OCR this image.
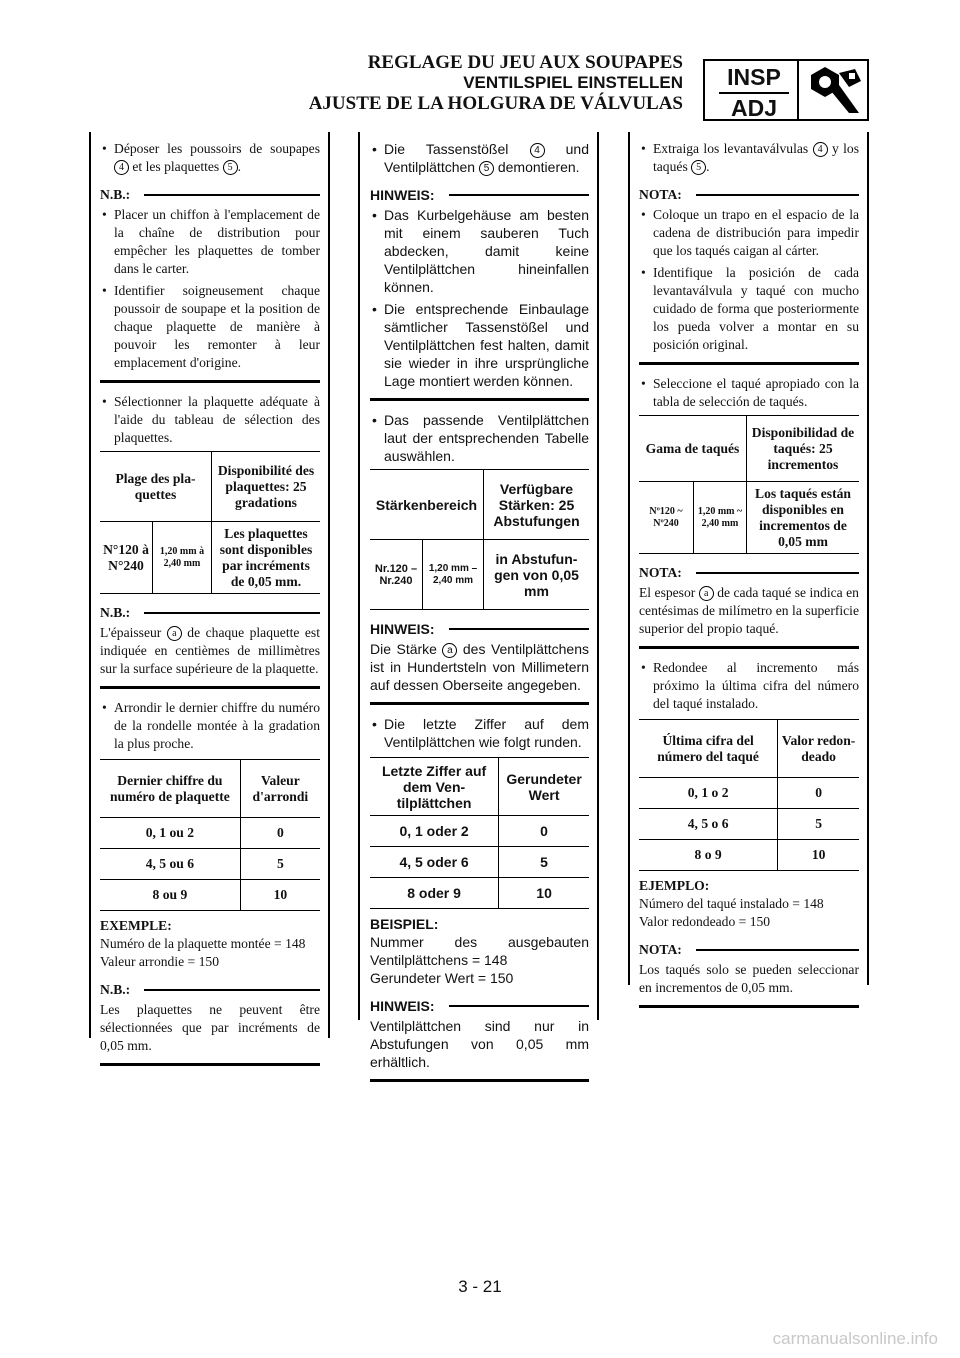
REGLAGE DU JEU AUX SOUPAPES
VENTILSPIEL EINSTELLEN
AJUSTE DE LA HOLGURA DE VÁLVULAS
INSP
ADJ
• Déposer les poussoirs de soupapes 4 et les plaquettes 5 .
N.B.:
• Placer un chiffon à l'emplacement de la chaîne de distribution pour empêcher les plaquettes de tomber dans le carter.
• Identifier soigneusement chaque poussoir de soupape et la position de chaque plaquette de manière à pouvoir les remonter à leur emplacement d'origine.
• Sélectionner la plaquette adéquate à l'aide du tableau de sélection des plaquettes.
Plage des plaquettes		Disponibilité des plaquettes: 25 gradations
N°120 à N°240	1,20 mm à 2,40 mm	Les plaquettes sont disponibles par incréments de 0,05 mm.
N.B.:
L'épaisseur a de chaque plaquette est indiquée en centièmes de millimètres sur la surface supérieure de la plaquette.
• Arrondir le dernier chiffre du numéro de la rondelle montée à la gradation la plus proche.
Dernier chiffre du numéro de plaquette	Valeur d'arrondi
0, 1 ou 2	0
4, 5 ou 6	5
8 ou 9	10
EXEMPLE:
Numéro de la plaquette montée = 148
Valeur arrondie = 150
N.B.:
Les plaquettes ne peuvent être sélectionnées que par incréments de 0,05 mm.
• Die Tassenstößel 4 und Ventilplättchen 5 demontieren.
HINWEIS:
• Das Kurbelgehäuse am besten mit einem sauberen Tuch abdecken, damit keine Ventilplättchen hineinfallen können.
• Die entsprechende Einbaulage sämtlicher Tassenstößel und Ventilplättchen fest halten, damit sie wieder in ihre ursprüngliche Lage montiert werden können.
• Das passende Ventilplättchen laut der entsprechenden Tabelle auswählen.
Stärkenbereich		Verfügbare Stärken: 25 Abstufungen
Nr.120 – Nr.240	1,20 mm – 2,40 mm	in Abstufungen von 0,05 mm
HINWEIS:
Die Stärke a des Ventilplättchens ist in Hundertsteln von Millimetern auf dessen Oberseite angegeben.
• Die letzte Ziffer auf dem Ventilplättchen wie folgt runden.
Letzte Ziffer auf dem Ventilplättchen	Gerundeter Wert
0, 1 oder 2	0
4, 5 oder 6	5
8 oder 9	10
BEISPIEL:
Nummer des ausgebauten Ventilplättchens = 148
Gerundeter Wert = 150
HINWEIS:
Ventilplättchen sind nur in Abstufungen von 0,05 mm erhältlich.
• Extraiga los levantaválvulas 4 y los taqués 5 .
NOTA:
• Coloque un trapo en el espacio de la cadena de distribución para impedir que los taqués caigan al cárter.
• Identifique la posición de cada levantaválvula y taqué con mucho cuidado de forma que posteriormente los pueda volver a montar en su posición original.
• Seleccione el taqué apropiado con la tabla de selección de taqués.
Gama de taqués		Disponibilidad de taqués: 25 incrementos
Nº120 ~ Nº240	1,20 mm ~ 2,40 mm	Los taqués están disponibles en incrementos de 0,05 mm
NOTA:
El espesor a de cada taqué se indica en centésimas de milímetro en la superficie superior del propio taqué.
• Redondee al incremento más próximo la última cifra del número del taqué instalado.
Última cifra del número del taqué	Valor redondeado
0, 1 o 2	0
4, 5 o 6	5
8 o 9	10
EJEMPLO:
Número del taqué instalado = 148
Valor redondeado = 150
NOTA:
Los taqués solo se pueden seleccionar en incrementos de 0,05 mm.
3 - 21
carmanualsonline.info
